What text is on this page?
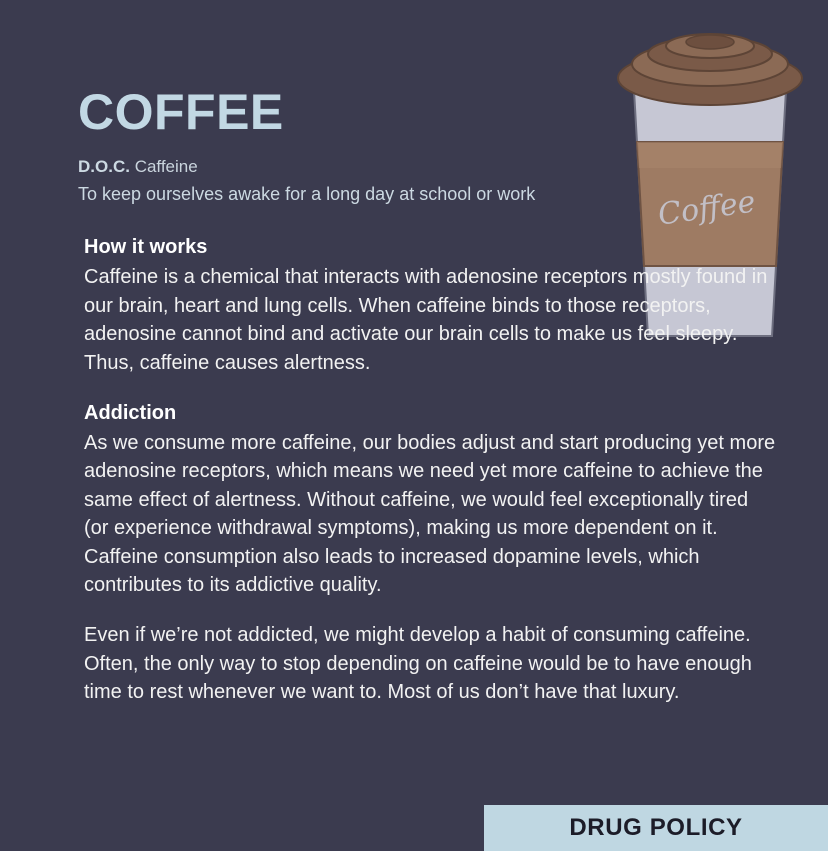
Coffee
COFFEE

D.O.C. Caffeine

To keep ourselves awake for a long day at school or work

How it works

Caffeine is a chemical that interacts with adenosine receptors mostly found in our brain, heart and lung cells. When caffeine binds to those receptors, adenosine cannot bind and activate our brain cells to make us feel sleepy. Thus, caffeine causes alertness.

Addiction

As we consume more caffeine, our bodies adjust and start producing yet more adenosine receptors, which means we need yet more caffeine to achieve the same effect of alertness. Without caffeine, we would feel exceptionally tired (or experience withdrawal symptoms), making us more dependent on it. Caffeine consumption also leads to increased dopamine levels, which contributes to its addictive quality.

Even if we’re not addicted, we might develop a habit of consuming caffeine. Often, the only way to stop depending on caffeine would be to have enough time to rest whenever we want to. Most of us don’t have that luxury.

DRUG POLICY
